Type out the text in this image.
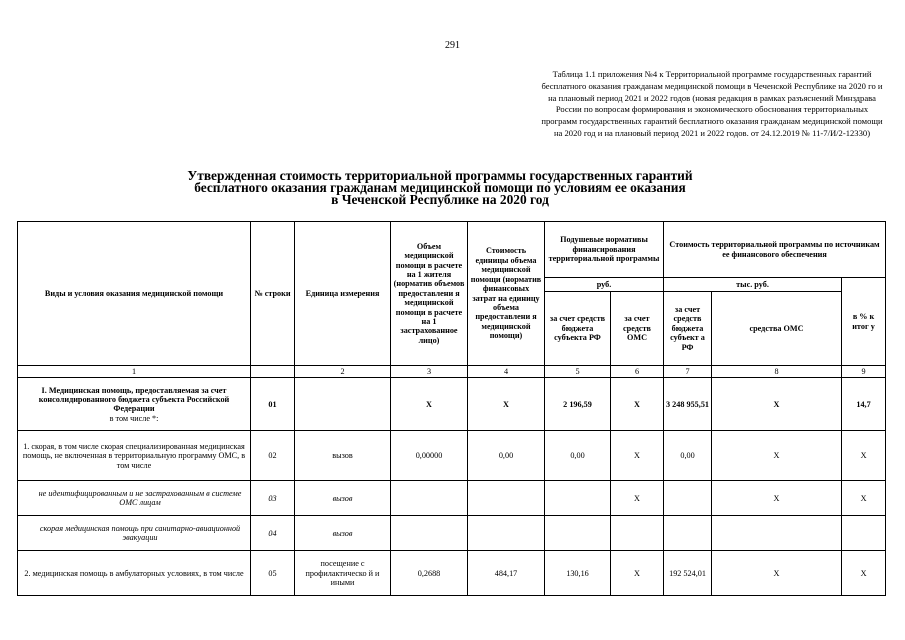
291
Таблица 1.1 приложения №4 к Территориальной программе государственных гарантий бесплатного оказания гражданам медицинской помощи в Чеченской Республике на 2020 го и на плановый период 2021 и 2022 годов (новая редакция в рамках разъяснений Минздрава России по вопросам формирования и экономического обоснования территориальных программ государственных гарантий бесплатного оказания гражданам медицинской помощи на 2020 год и на плановый период 2021 и 2022 годов. от 24.12.2019 № 11-7/И/2-12330)
Утвержденная стоимость территориальной программы государственных гарантий
бесплатного оказания гражданам медицинской помощи по условиям ее оказания
в Чеченской Республике на 2020 год
Виды и условия оказания медицинской помощи	№ строки	Единица измерения	Объем медицинской помощи в расчете на 1 жителя (норматив объемов предоставлени я медицинской помощи в расчете на 1 застрахованное лицо)	Стоимость единицы объема медицинской помощи (норматив финансовых затрат на единицу объема предоставлени я медицинской помощи)	Подушевые нормативы финансирования территориальной программы		Стоимость территориальной программы по источникам ее финансового обеспечения		
					руб.		тыс. руб.		в % к итог у
					за счет средств бюджета субъекта РФ	за счет средств ОМС	за счет средств бюджета субъект а РФ	средства ОМС	
1		2	3	4	5	6	7	8	9
I. Медицинская помощь, предоставляемая за счет консолидированного бюджета субъекта Российской Федерации
в том числе *:	01		Х	Х	2 196,59	Х	3 248 955,51	Х	14,7
1. скорая, в том числе скорая специализированная медицинская помощь, не включенная в территориальную программу ОМС, в том числе	02	вызов	0,00000	0,00	0,00	Х	0,00	Х	Х
не идентифицированным и не застрахованным в системе ОМС лицам	03	вызов				Х		Х	Х
скорая медицинская помощь при санитарно-авиационной эвакуации	04	вызов							
2. медицинская помощь в амбулаторных условиях, в том числе	05	посещение с профилактическо й и иными	0,2688	484,17	130,16	Х	192 524,01	Х	Х
